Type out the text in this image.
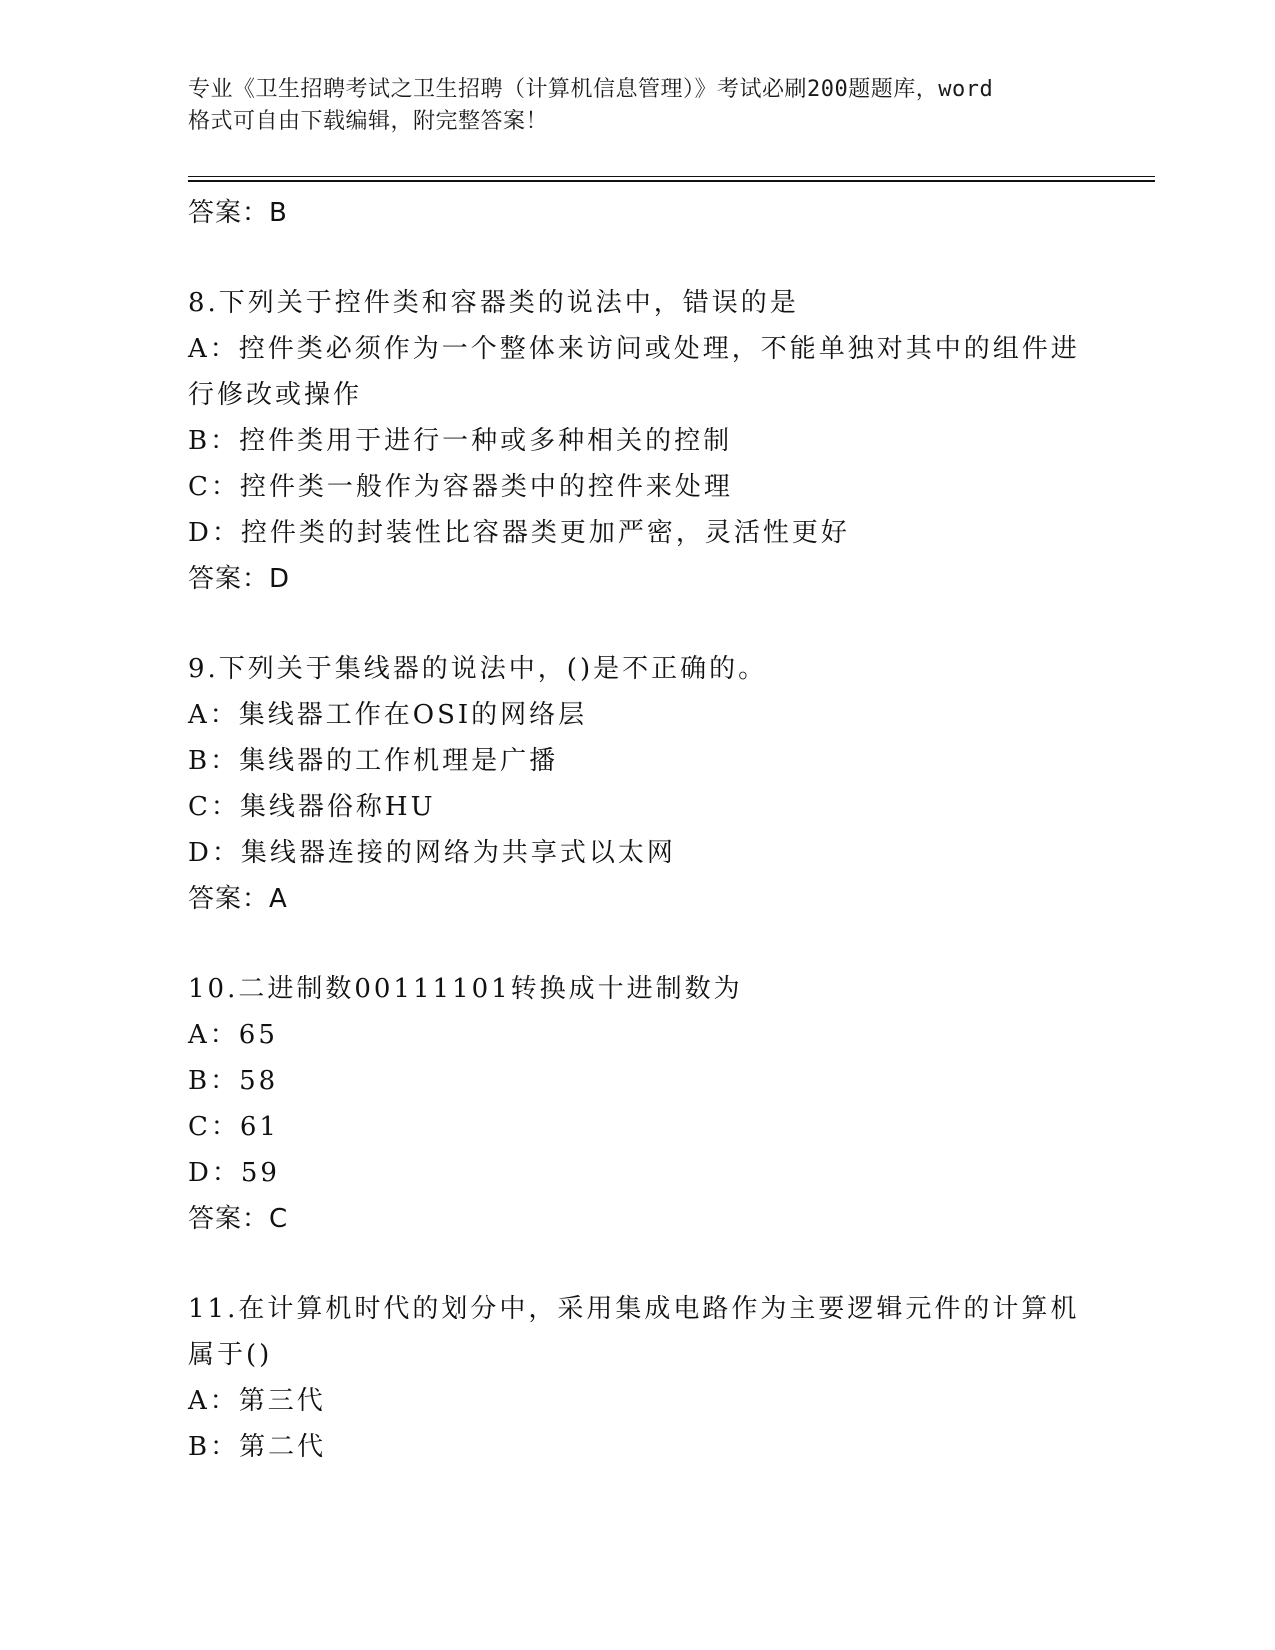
专业《卫生招聘考试之卫生招聘（计算机信息管理）》考试必刷200题题库，word
格式可自由下载编辑，附完整答案！
答案：B
8.下列关于控件类和容器类的说法中，错误的是
A：控件类必须作为一个整体来访问或处理，不能单独对其中的组件进
行修改或操作
B：控件类用于进行一种或多种相关的控制
C：控件类一般作为容器类中的控件来处理
D：控件类的封装性比容器类更加严密，灵活性更好
答案：D
9.下列关于集线器的说法中，()是不正确的。
A：集线器工作在OSI的网络层
B：集线器的工作机理是广播
C：集线器俗称HU
D：集线器连接的网络为共享式以太网
答案：A
10.二进制数00111101转换成十进制数为
A：65
B：58
C：61
D：59
答案：C
11.在计算机时代的划分中，采用集成电路作为主要逻辑元件的计算机
属于()
A：第三代
B：第二代
